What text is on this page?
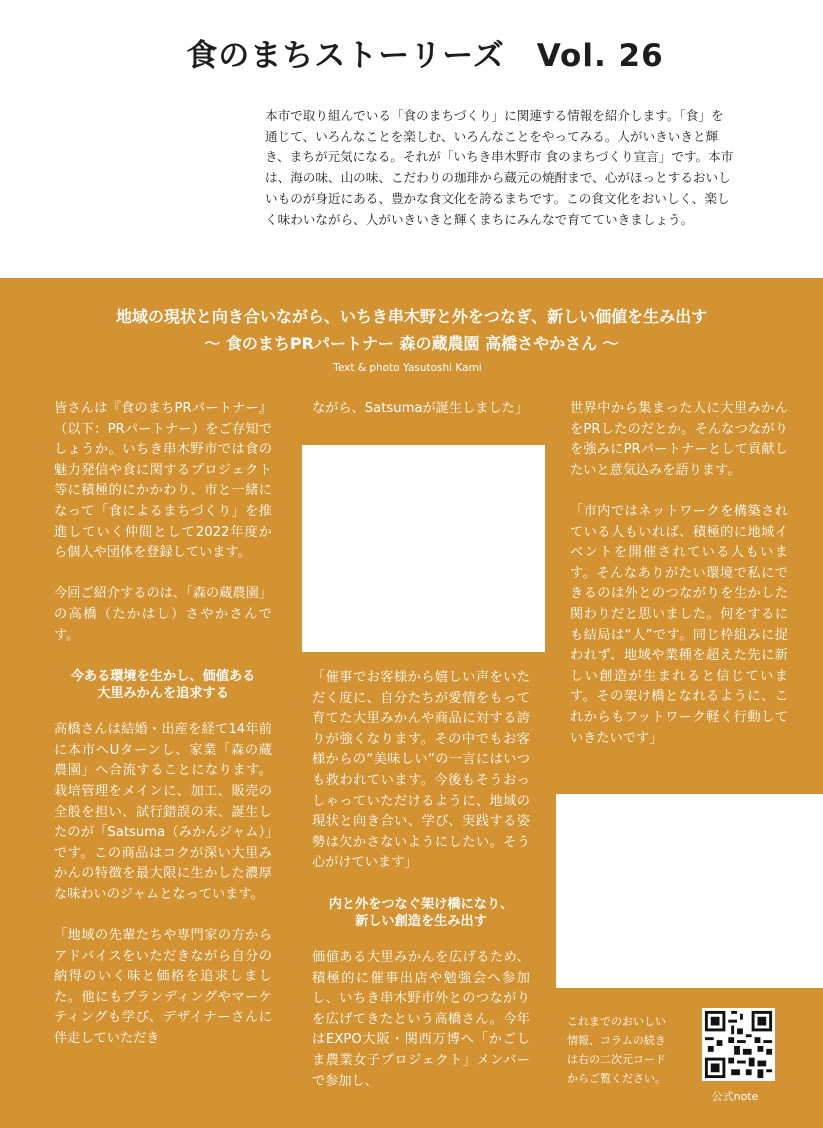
食のまちストーリーズ　Vol. 26

本市で取り組んでいる「食のまちづくり」に関連する情報を紹介します。「食」を

通じて、いろんなことを楽しむ、いろんなことをやってみる。人がいきいきと輝

き、まちが元気になる。それが「いちき串木野市 食のまちづくり宣言」です。本市

は、海の味、山の味、こだわりの珈琲から蔵元の焼酎まで、心がほっとするおいし

いものが身近にある、豊かな食文化を誇るまちです。この食文化をおいしく、楽し

く味わいながら、人がいきいきと輝くまちにみんなで育てていきましょう。

地域の現状と向き合いながら、いちき串木野と外をつなぎ、新しい価値を生み出す
〜 食のまちPRパートナー 森の蔵農園 高橋さやかさん 〜
Text & photo Yasutoshi Kami

皆さんは『食のまちPRパートナー』（以下：PRパートナー）をご存知でしょうか。いちき串木野市では食の魅力発信や食に関するプロジェクト等に積極的にかかわり、市と一緒になって「食によるまちづくり」を推進していく仲間として2022年度から個人や団体を登録しています。

今回ご紹介するのは、「森の蔵農園」の高橋（たかはし）さやかさんです。

今ある環境を生かし、価値ある
大里みかんを追求する

高橋さんは結婚・出産を経て14年前に本市へUターンし、家業「森の蔵農園」へ合流することになります。栽培管理をメインに、加工、販売の全般を担い、試行錯誤の末、誕生したのが「Satsuma（みかんジャム）」です。この商品はコクが深い大里みかんの特徴を最大限に生かした濃厚な味わいのジャムとなっています。

「地域の先輩たちや専門家の方からアドバイスをいただきながら自分の納得のいく味と価格を追求しました。他にもブランディングやマーケティングも学び、デザイナーさんに伴走していただき

ながら、Satsumaが誕生しました」

「催事でお客様から嬉しい声をいただく度に、自分たちが愛情をもって育てた大里みかんや商品に対する誇りが強くなります。その中でもお客様からの“美味しい”の一言にはいつも救われています。今後もそうおっしゃっていただけるように、地域の現状と向き合い、学び、実践する姿勢は欠かさないようにしたい。そう心がけています」

内と外をつなぐ架け橋になり、
新しい創造を生み出す

価値ある大里みかんを広げるため、積極的に催事出店や勉強会へ参加し、いちき串木野市外とのつながりを広げてきたという高橋さん。今年はEXPO大阪・関西万博へ「かごしま農業女子プロジェクト」メンバーで参加し、

世界中から集まった人に大里みかんをPRしたのだとか。そんなつながりを強みにPRパートナーとして貢献したいと意気込みを語ります。

「市内ではネットワークを構築されている人もいれば、積極的に地域イベントを開催されている人もいます。そんなありがたい環境で私にできるのは外とのつながりを生かした関わりだと思いました。何をするにも結局は“人”です。同じ枠組みに捉われず、地域や業種を超えた先に新しい創造が生まれると信じています。その架け橋となれるように、これからもフットワーク軽く行動していきたいです」

これまでのおいしい
情報、コラムの続き
は右の二次元コード
からご覧ください。
公式note
